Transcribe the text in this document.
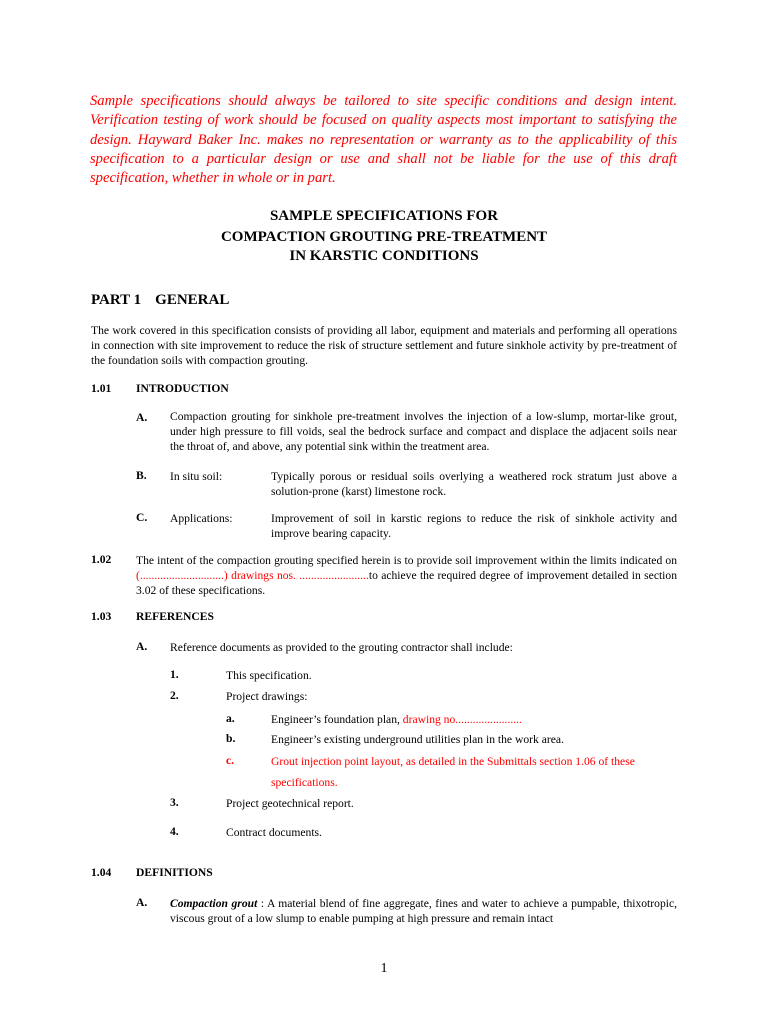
Sample specifications should always be tailored to site specific conditions and design intent. Verification testing of work should be focused on quality aspects most important to satisfying the design. Hayward Baker Inc. makes no representation or warranty as to the applicability of this specification to a particular design or use and shall not be liable for the use of this draft specification, whether in whole or in part.
SAMPLE SPECIFICATIONS FOR
COMPACTION GROUTING PRE-TREATMENT
IN KARSTIC CONDITIONS
PART 1 GENERAL
The work covered in this specification consists of providing all labor, equipment and materials and performing all operations in connection with site improvement to reduce the risk of structure settlement and future sinkhole activity by pre-treatment of the foundation soils with compaction grouting.
1.01 INTRODUCTION
A. Compaction grouting for sinkhole pre-treatment involves the injection of a low-slump, mortar-like grout, under high pressure to fill voids, seal the bedrock surface and compact and displace the adjacent soils near the throat of, and above, any potential sink within the treatment area.
B. In situ soil:	Typically porous or residual soils overlying a weathered rock stratum just above a solution-prone (karst) limestone rock.
C. Applications:	Improvement of soil in karstic regions to reduce the risk of sinkhole activity and improve bearing capacity.
1.02 The intent of the compaction grouting specified herein is to provide soil improvement within the limits indicated on (.............................) drawings nos. ........................to achieve the required degree of improvement detailed in section 3.02 of these specifications.
1.03 REFERENCES
A. Reference documents as provided to the grouting contractor shall include:
1.	This specification.
2.	Project drawings:
a.	Engineer’s foundation plan, drawing no.......................
b.	Engineer’s existing underground utilities plan in the work area.
c.	Grout injection point layout, as detailed in the Submittals section 1.06 of these
specifications.
3.	Project geotechnical report.
4.	Contract documents.
1.04 DEFINITIONS
A. Compaction grout : A material blend of fine aggregate, fines and water to achieve a pumpable, thixotropic, viscous grout of a low slump to enable pumping at high pressure and remain intact
1
